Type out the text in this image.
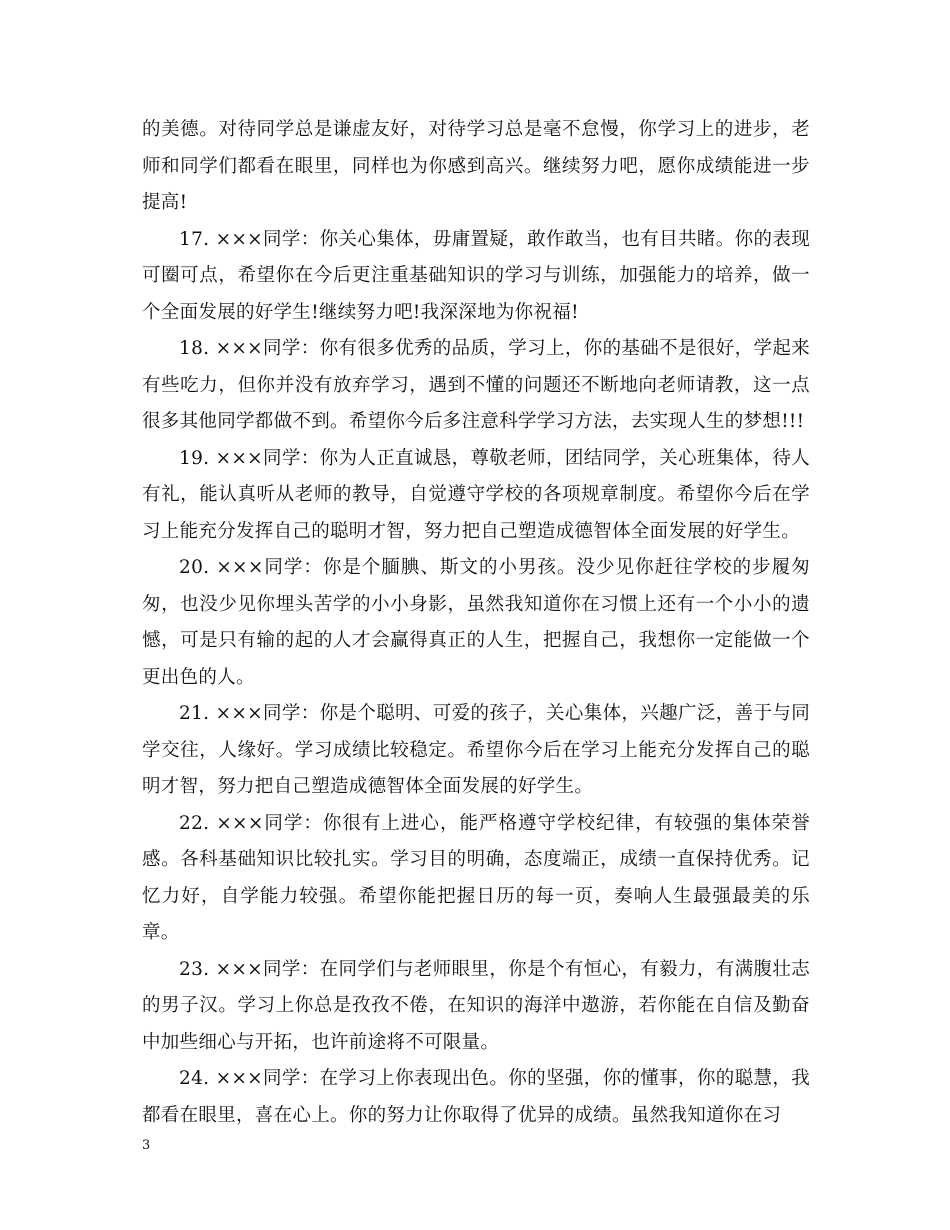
的美德。对待同学总是谦虚友好，对待学习总是毫不怠慢，你学习上的进步，老师和同学们都看在眼里，同样也为你感到高兴。继续努力吧，愿你成绩能进一步提高!

17. ×××同学：你关心集体，毋庸置疑，敢作敢当，也有目共睹。你的表现可圈可点，希望你在今后更注重基础知识的学习与训练，加强能力的培养，做一个全面发展的好学生!继续努力吧!我深深地为你祝福!

18. ×××同学：你有很多优秀的品质，学习上，你的基础不是很好，学起来有些吃力，但你并没有放弃学习，遇到不懂的问题还不断地向老师请教，这一点很多其他同学都做不到。希望你今后多注意科学学习方法，去实现人生的梦想!!!

19. ×××同学：你为人正直诚恳，尊敬老师，团结同学，关心班集体，待人有礼，能认真听从老师的教导，自觉遵守学校的各项规章制度。希望你今后在学习上能充分发挥自己的聪明才智，努力把自己塑造成德智体全面发展的好学生。

20. ×××同学：你是个腼腆、斯文的小男孩。没少见你赶往学校的步履匆匆，也没少见你埋头苦学的小小身影，虽然我知道你在习惯上还有一个小小的遗憾，可是只有输的起的人才会赢得真正的人生，把握自己，我想你一定能做一个更出色的人。

21. ×××同学：你是个聪明、可爱的孩子，关心集体，兴趣广泛，善于与同学交往，人缘好。学习成绩比较稳定。希望你今后在学习上能充分发挥自己的聪明才智，努力把自己塑造成德智体全面发展的好学生。

22. ×××同学：你很有上进心，能严格遵守学校纪律，有较强的集体荣誉感。各科基础知识比较扎实。学习目的明确，态度端正，成绩一直保持优秀。记忆力好，自学能力较强。希望你能把握日历的每一页，奏响人生最强最美的乐章。

23. ×××同学：在同学们与老师眼里，你是个有恒心，有毅力，有满腹壮志的男子汉。学习上你总是孜孜不倦，在知识的海洋中遨游，若你能在自信及勤奋中加些细心与开拓，也许前途将不可限量。

24. ×××同学：在学习上你表现出色。你的坚强，你的懂事，你的聪慧，我都看在眼里，喜在心上。你的努力让你取得了优异的成绩。虽然我知道你在习

3
